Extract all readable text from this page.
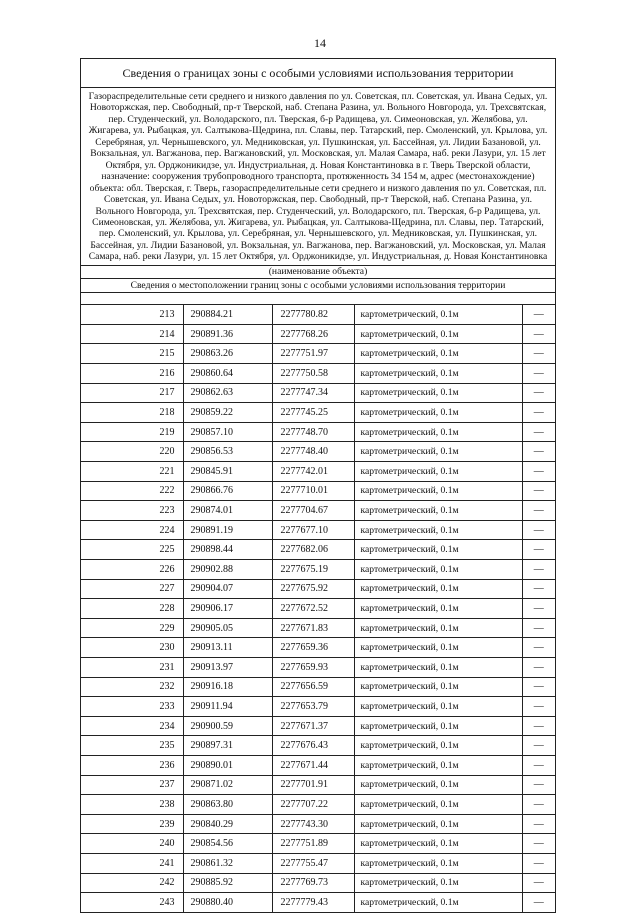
14
Сведения о границах зоны с особыми условиями использования территории
Газораспределительные сети среднего и низкого давления по ул. Советская, пл. Советская, ул. Ивана Седых, ул. Новоторжская, пер. Свободный, пр-т Тверской, наб. Степана Разина, ул. Вольного Новгорода, ул. Трехсвятская, пер. Студенческий, ул. Володарского, пл. Тверская, б-р Радищева, ул. Симеоновская, ул. Желябова, ул. Жигарева, ул. Рыбацкая, ул. Салтыкова-Щедрина, пл. Славы, пер. Татарский, пер. Смоленский, ул. Крылова, ул. Серебряная, ул. Чернышевского, ул. Медниковская, ул. Пушкинская, ул. Бассейная, ул. Лидии Базановой, ул. Вокзальная, ул. Вагжанова, пер. Вагжановский, ул. Московская, ул. Малая Самара, наб. реки Лазури, ул. 15 лет Октября, ул. Орджоникидзе, ул. Индустриальная, д. Новая Константиновка в г. Тверь Тверской области, назначение: сооружения трубопроводного транспорта, протяженность 34 154 м, адрес (местонахождение) объекта: обл. Тверская, г. Тверь, газораспределительные сети среднего и низкого давления по ул. Советская, пл. Советская, ул. Ивана Седых, ул. Новоторжская, пер. Свободный, пр-т Тверской, наб. Степана Разина, ул. Вольного Новгорода, ул. Трехсвятская, пер. Студенческий, ул. Володарского, пл. Тверская, б-р Радищева, ул. Симеоновская, ул. Желябова, ул. Жигарева, ул. Рыбацкая, ул. Салтыкова-Щедрина, пл. Славы, пер. Татарский, пер. Смоленский, ул. Крылова, ул. Серебряная, ул. Чернышевского, ул. Медниковская, ул. Пушкинская, ул. Бассейная, ул. Лидии Базановой, ул. Вокзальная, ул. Вагжанова, пер. Вагжановский, ул. Московская, ул. Малая Самара, наб. реки Лазури, ул. 15 лет Октября, ул. Орджоникидзе, ул. Индустриальная, д. Новая Константиновка
(наименование объекта)
Сведения о местоположении границ зоны с особыми условиями использования территории
213	290884.21	2277780.82	картометрический, 0.1м	—
214	290891.36	2277768.26	картометрический, 0.1м	—
215	290863.26	2277751.97	картометрический, 0.1м	—
216	290860.64	2277750.58	картометрический, 0.1м	—
217	290862.63	2277747.34	картометрический, 0.1м	—
218	290859.22	2277745.25	картометрический, 0.1м	—
219	290857.10	2277748.70	картометрический, 0.1м	—
220	290856.53	2277748.40	картометрический, 0.1м	—
221	290845.91	2277742.01	картометрический, 0.1м	—
222	290866.76	2277710.01	картометрический, 0.1м	—
223	290874.01	2277704.67	картометрический, 0.1м	—
224	290891.19	2277677.10	картометрический, 0.1м	—
225	290898.44	2277682.06	картометрический, 0.1м	—
226	290902.88	2277675.19	картометрический, 0.1м	—
227	290904.07	2277675.92	картометрический, 0.1м	—
228	290906.17	2277672.52	картометрический, 0.1м	—
229	290905.05	2277671.83	картометрический, 0.1м	—
230	290913.11	2277659.36	картометрический, 0.1м	—
231	290913.97	2277659.93	картометрический, 0.1м	—
232	290916.18	2277656.59	картометрический, 0.1м	—
233	290911.94	2277653.79	картометрический, 0.1м	—
234	290900.59	2277671.37	картометрический, 0.1м	—
235	290897.31	2277676.43	картометрический, 0.1м	—
236	290890.01	2277671.44	картометрический, 0.1м	—
237	290871.02	2277701.91	картометрический, 0.1м	—
238	290863.80	2277707.22	картометрический, 0.1м	—
239	290840.29	2277743.30	картометрический, 0.1м	—
240	290854.56	2277751.89	картометрический, 0.1м	—
241	290861.32	2277755.47	картометрический, 0.1м	—
242	290885.92	2277769.73	картометрический, 0.1м	—
243	290880.40	2277779.43	картометрический, 0.1м	—
